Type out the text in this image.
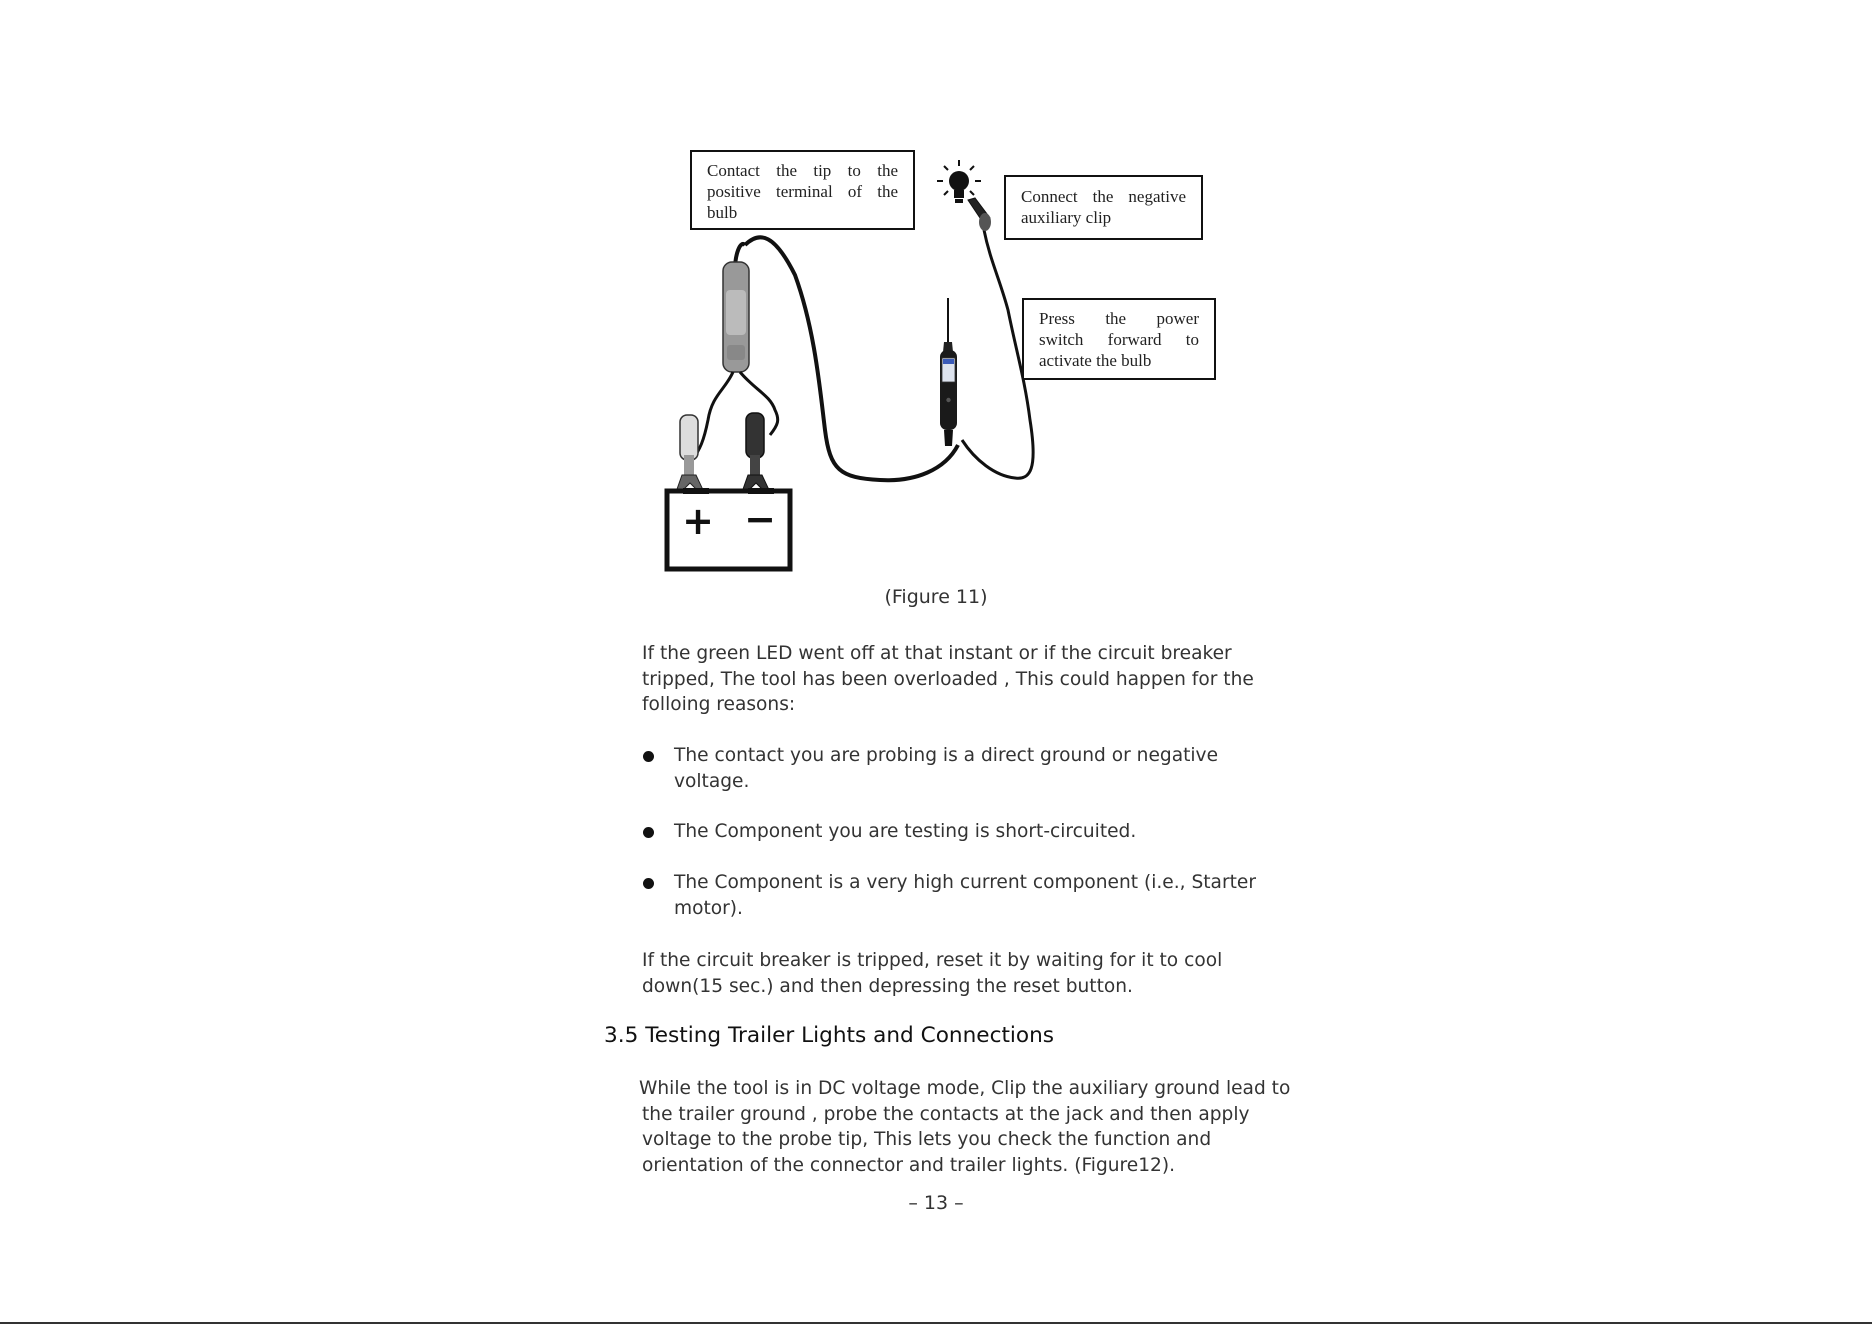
+ −
Contact the tip to the
positive terminal of the
bulb
Connect the negative
auxiliary clip
Press the power
switch forward to
activate the bulb
(Figure 11)
If the green LED went off at that instant or if the circuit breaker
tripped, The tool has been overloaded , This could happen for the
folloing reasons:
The contact you are probing is a direct ground or negative
voltage.
The Component you are testing is short-circuited.
The Component is a very high current component (i.e., Starter
motor).
If the circuit breaker is tripped, reset it by waiting for it to cool
down(15 sec.) and then depressing the reset button.
3.5 Testing Trailer Lights and Connections
While the tool is in DC voltage mode, Clip the auxiliary ground lead to
the trailer ground , probe the contacts at the jack and then apply
voltage to the probe tip, This lets you check the function and
orientation of the connector and trailer lights. (Figure12).
– 13 –
